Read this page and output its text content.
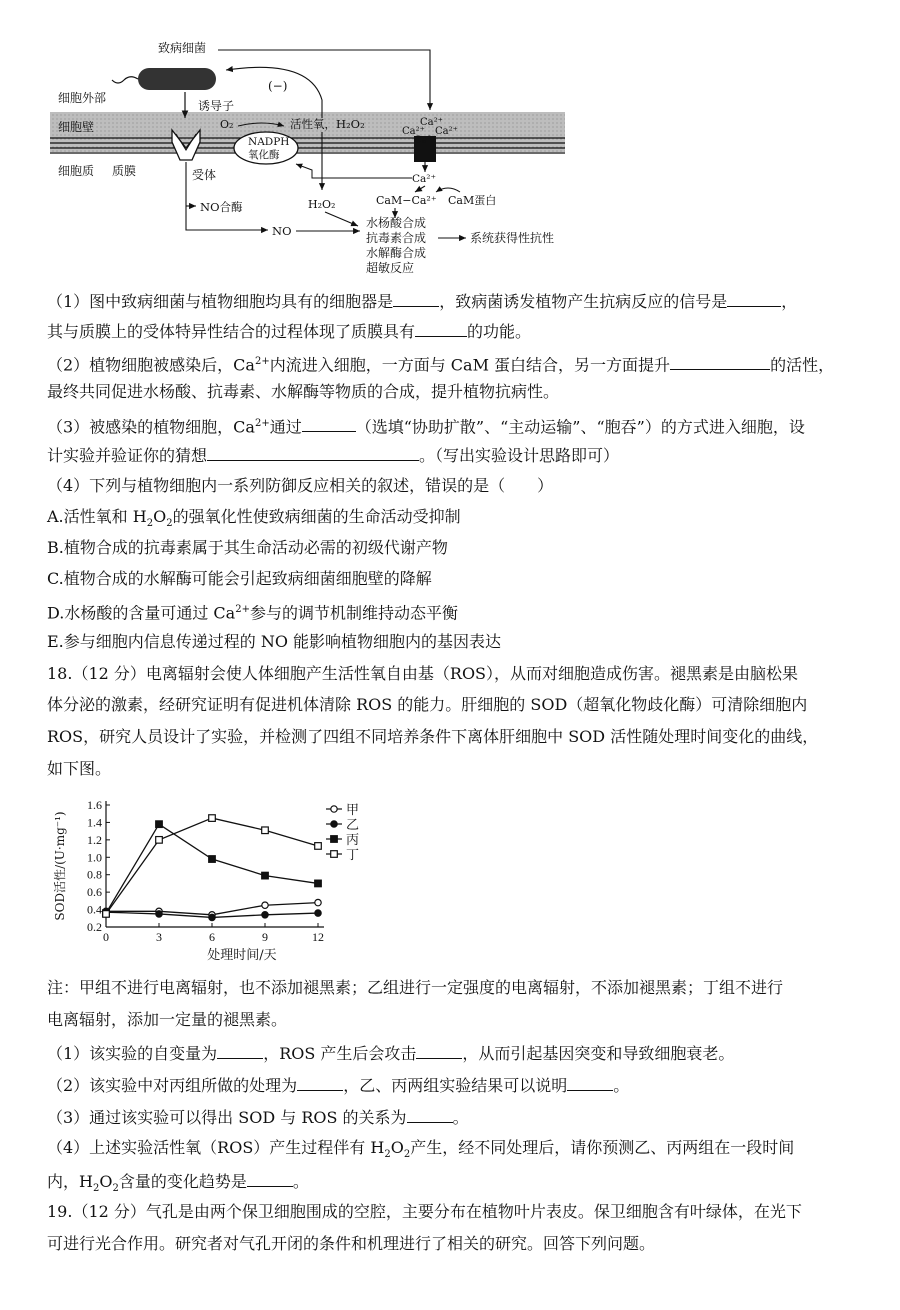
致病细菌
细胞外部
细胞壁
细胞质 质膜
诱导子
受体
O₂
NADPH
氧化酶
活性氧，H₂O₂
(−)
Ca²⁺
Ca²⁺ Ca²⁺
Ca²⁺
Ca²⁺
CaM−Ca²⁺ CaM蛋白
NO合酶
NO
H₂O₂
水杨酸合成
抗毒素合成
水解酶合成
超敏反应
系统获得性抗性
（1）图中致病细菌与植物细胞均具有的细胞器是	，致病菌诱发植物产生抗病反应的信号是	，
其与质膜上的受体特异性结合的过程体现了质膜具有	的功能。
（2）植物细胞被感染后，$Ca^{2+}$内流进入细胞，一方面与 CaM 蛋白结合，另一方面提升	的活性，
最终共同促进水杨酸、抗毒素、水解酶等物质的合成，提升植物抗病性。
（3）被感染的植物细胞，$Ca^{2+}$通过	（选填“协助扩散”、“主动运输”、“胞吞”）的方式进入细胞，设
计实验并验证你的猜想	。（写出实验设计思路即可）
（4）下列与植物细胞内一系列防御反应相关的叙述，错误的是（　　）
A.活性氧和 $H_2O_2$的强氧化性使致病细菌的生命活动受抑制
B.植物合成的抗毒素属于其生命活动必需的初级代谢产物
C.植物合成的水解酶可能会引起致病细菌细胞壁的降解
D.水杨酸的含量可通过 $Ca^{2+}$参与的调节机制维持动态平衡
E.参与细胞内信息传递过程的 NO 能影响植物细胞内的基因表达
18.（12 分）电离辐射会使人体细胞产生活性氧自由基（ROS），从而对细胞造成伤害。褪黑素是由脑松果
体分泌的激素，经研究证明有促进机体清除 ROS 的能力。肝细胞的 SOD（超氧化物歧化酶）可清除细胞内
ROS，研究人员设计了实验，并检测了四组不同培养条件下离体肝细胞中 SOD 活性随处理时间变化的曲线，
如下图。
0.2
0.4
0.6
0.8
1.0
1.2
1.4
1.6
0	3	6	9	12
处理时间/天
SOD活性/(U·mg⁻¹)
甲
乙
丙
丁
注：甲组不进行电离辐射，也不添加褪黑素；乙组进行一定强度的电离辐射，不添加褪黑素；丁组不进行
电离辐射，添加一定量的褪黑素。
（1）该实验的自变量为	，ROS 产生后会攻击	，从而引起基因突变和导致细胞衰老。
（2）该实验中对丙组所做的处理为	，乙、丙两组实验结果可以说明	。
（3）通过该实验可以得出 SOD 与 ROS 的关系为	。
（4）上述实验活性氧（ROS）产生过程伴有 $H_2O_2$产生，经不同处理后，请你预测乙、丙两组在一段时间
内，$H_2O_2$含量的变化趋势是	。
19.（12 分）气孔是由两个保卫细胞围成的空腔，主要分布在植物叶片表皮。保卫细胞含有叶绿体，在光下
可进行光合作用。研究者对气孔开闭的条件和机理进行了相关的研究。回答下列问题。
